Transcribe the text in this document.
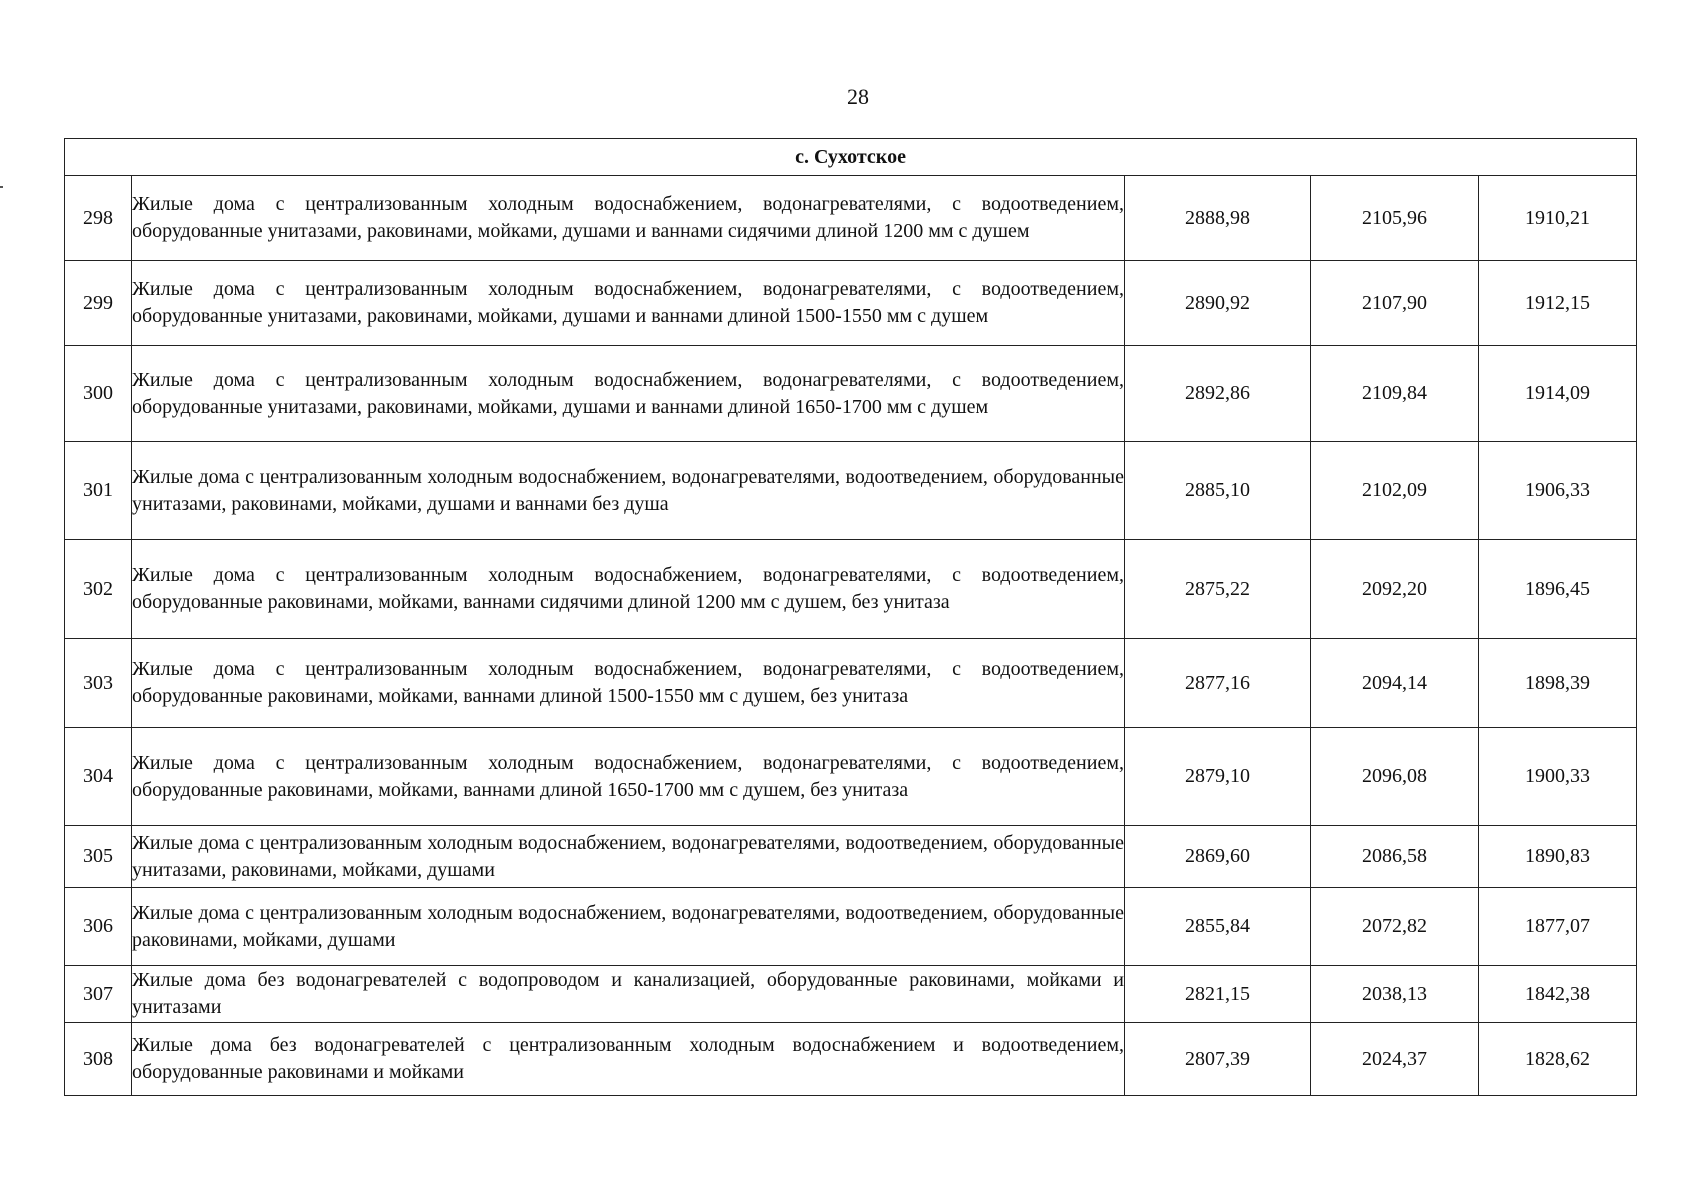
28
с. Сухотское				
298	Жилые дома с централизованным холодным водоснабжением, водонагревателями, с водоотведением, оборудованные унитазами, раковинами, мойками, душами и ваннами сидячими длиной 1200 мм с душем	2888,98	2105,96	1910,21
299	Жилые дома с централизованным холодным водоснабжением, водонагревателями, с водоотведением, оборудованные унитазами, раковинами, мойками, душами и ваннами длиной 1500-1550 мм с душем	2890,92	2107,90	1912,15
300	Жилые дома с централизованным холодным водоснабжением, водонагревателями, с водоотведением, оборудованные унитазами, раковинами, мойками, душами и ваннами длиной 1650-1700 мм с душем	2892,86	2109,84	1914,09
301	Жилые дома с централизованным холодным водоснабжением, водонагревателями, водоотведением, оборудованные унитазами, раковинами, мойками, душами и ваннами без душа	2885,10	2102,09	1906,33
302	Жилые дома с централизованным холодным водоснабжением, водонагревателями, с водоотведением, оборудованные раковинами, мойками, ваннами сидячими длиной 1200 мм с душем, без унитаза	2875,22	2092,20	1896,45
303	Жилые дома с централизованным холодным водоснабжением, водонагревателями, с водоотведением, оборудованные раковинами, мойками, ваннами длиной 1500-1550 мм с душем, без унитаза	2877,16	2094,14	1898,39
304	Жилые дома с централизованным холодным водоснабжением, водонагревателями, с водоотведением, оборудованные раковинами, мойками, ваннами длиной 1650-1700 мм с душем, без унитаза	2879,10	2096,08	1900,33
305	Жилые дома с централизованным холодным водоснабжением, водонагревателями, водоотведением, оборудованные унитазами, раковинами, мойками, душами	2869,60	2086,58	1890,83
306	Жилые дома с централизованным холодным водоснабжением, водонагревателями, водоотведением, оборудованные раковинами, мойками, душами	2855,84	2072,82	1877,07
307	Жилые дома без водонагревателей с водопроводом и канализацией, оборудованные раковинами, мойками и унитазами	2821,15	2038,13	1842,38
308	Жилые дома без водонагревателей с централизованным холодным водоснабжением и водоотведением, оборудованные раковинами и мойками	2807,39	2024,37	1828,62
